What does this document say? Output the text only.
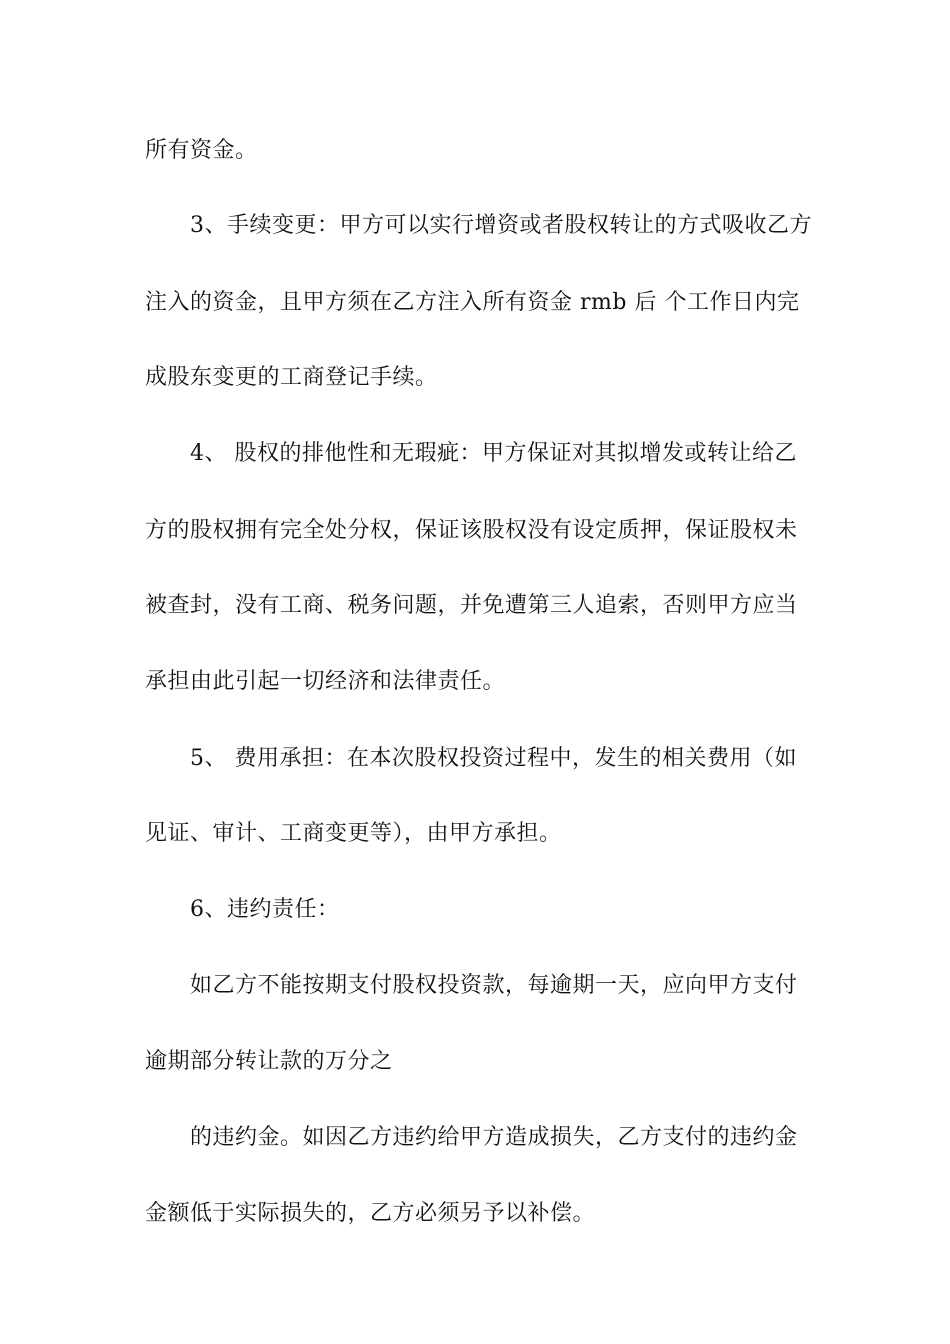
所有资金。
3、手续变更：甲方可以实行增资或者股权转让的方式吸收乙方
注入的资金，且甲方须在乙方注入所有资金 rmb 后 个工作日内完
成股东变更的工商登记手续。
4、 股权的排他性和无瑕疵：甲方保证对其拟增发或转让给乙
方的股权拥有完全处分权，保证该股权没有设定质押，保证股权未
被查封，没有工商、税务问题，并免遭第三人追索，否则甲方应当
承担由此引起一切经济和法律责任。
5、 费用承担：在本次股权投资过程中，发生的相关费用（如
见证、审计、工商变更等），由甲方承担。
6、违约责任：
如乙方不能按期支付股权投资款，每逾期一天，应向甲方支付
逾期部分转让款的万分之
的违约金。如因乙方违约给甲方造成损失，乙方支付的违约金
金额低于实际损失的，乙方必须另予以补偿。
